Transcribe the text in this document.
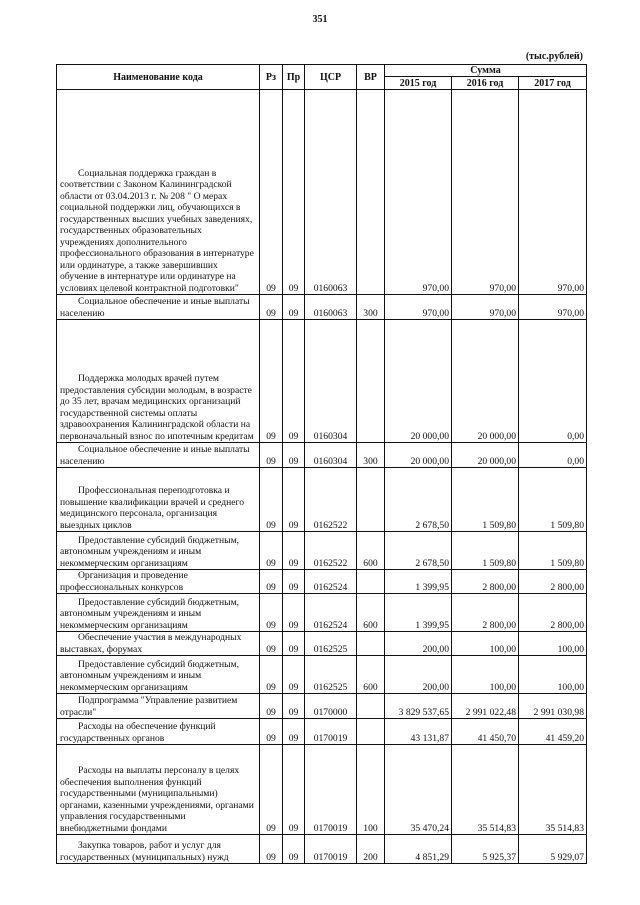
351
(тыс.рублей)
Наименование кода	Рз	Пр	ЦСР	ВР	Сумма		
					2015 год	2016 год	2017 год

Социальная поддержка граждан в соответствии с Законом Калининградской области от 03.04.2013 г. № 208 " О мерах социальной поддержки лиц, обучающихся в государственных высших учебных заведениях, государственных образовательных учреждениях дополнительного профессионального образования в интернатуре или ординатуре, а также завершивших обучение в интернатуре или ординатуре на условиях целевой контрактной подготовки"	09	09	0160063		970,00	970,00	970,00

Социальное обеспечение и иные выплаты населению	09	09	0160063	300	970,00	970,00	970,00

Поддержка молодых врачей путем предоставления субсидии молодым, в возрасте до 35 лет, врачам медицинских организаций государственной системы оплаты здравоохранения Калининградской области на первоначальный взнос по ипотечным кредитам	09	09	0160304		20 000,00	20 000,00	0,00

Социальное обеспечение и иные выплаты населению	09	09	0160304	300	20 000,00	20 000,00	0,00

Профессиональная переподготовка и повышение квалификации врачей и среднего медицинского персонала, организация выездных циклов	09	09	0162522		2 678,50	1 509,80	1 509,80

Предоставление субсидий бюджетным, автономным учреждениям и иным некоммерческим организациям	09	09	0162522	600	2 678,50	1 509,80	1 509,80

Организация и проведение профессиональных конкурсов	09	09	0162524		1 399,95	2 800,00	2 800,00

Предоставление субсидий бюджетным, автономным учреждениям и иным некоммерческим организациям	09	09	0162524	600	1 399,95	2 800,00	2 800,00

Обеспечение участия в международных выставках, форумах	09	09	0162525		200,00	100,00	100,00

Предоставление субсидий бюджетным, автономным учреждениям и иным некоммерческим организациям	09	09	0162525	600	200,00	100,00	100,00

Подпрограмма "Управление развитием отрасли"	09	09	0170000		3 829 537,65	2 991 022,48	2 991 030,98

Расходы на обеспечение функций государственных органов	09	09	0170019		43 131,87	41 450,70	41 459,20

Расходы на выплаты персоналу в целях обеспечения выполнения функций государственными (муниципальными) органами, казенными учреждениями, органами управления государственными внебюджетными фондами	09	09	0170019	100	35 470,24	35 514,83	35 514,83

Закупка товаров, работ и услуг для государственных (муниципальных) нужд	09	09	0170019	200	4 851,29	5 925,37	5 929,07
